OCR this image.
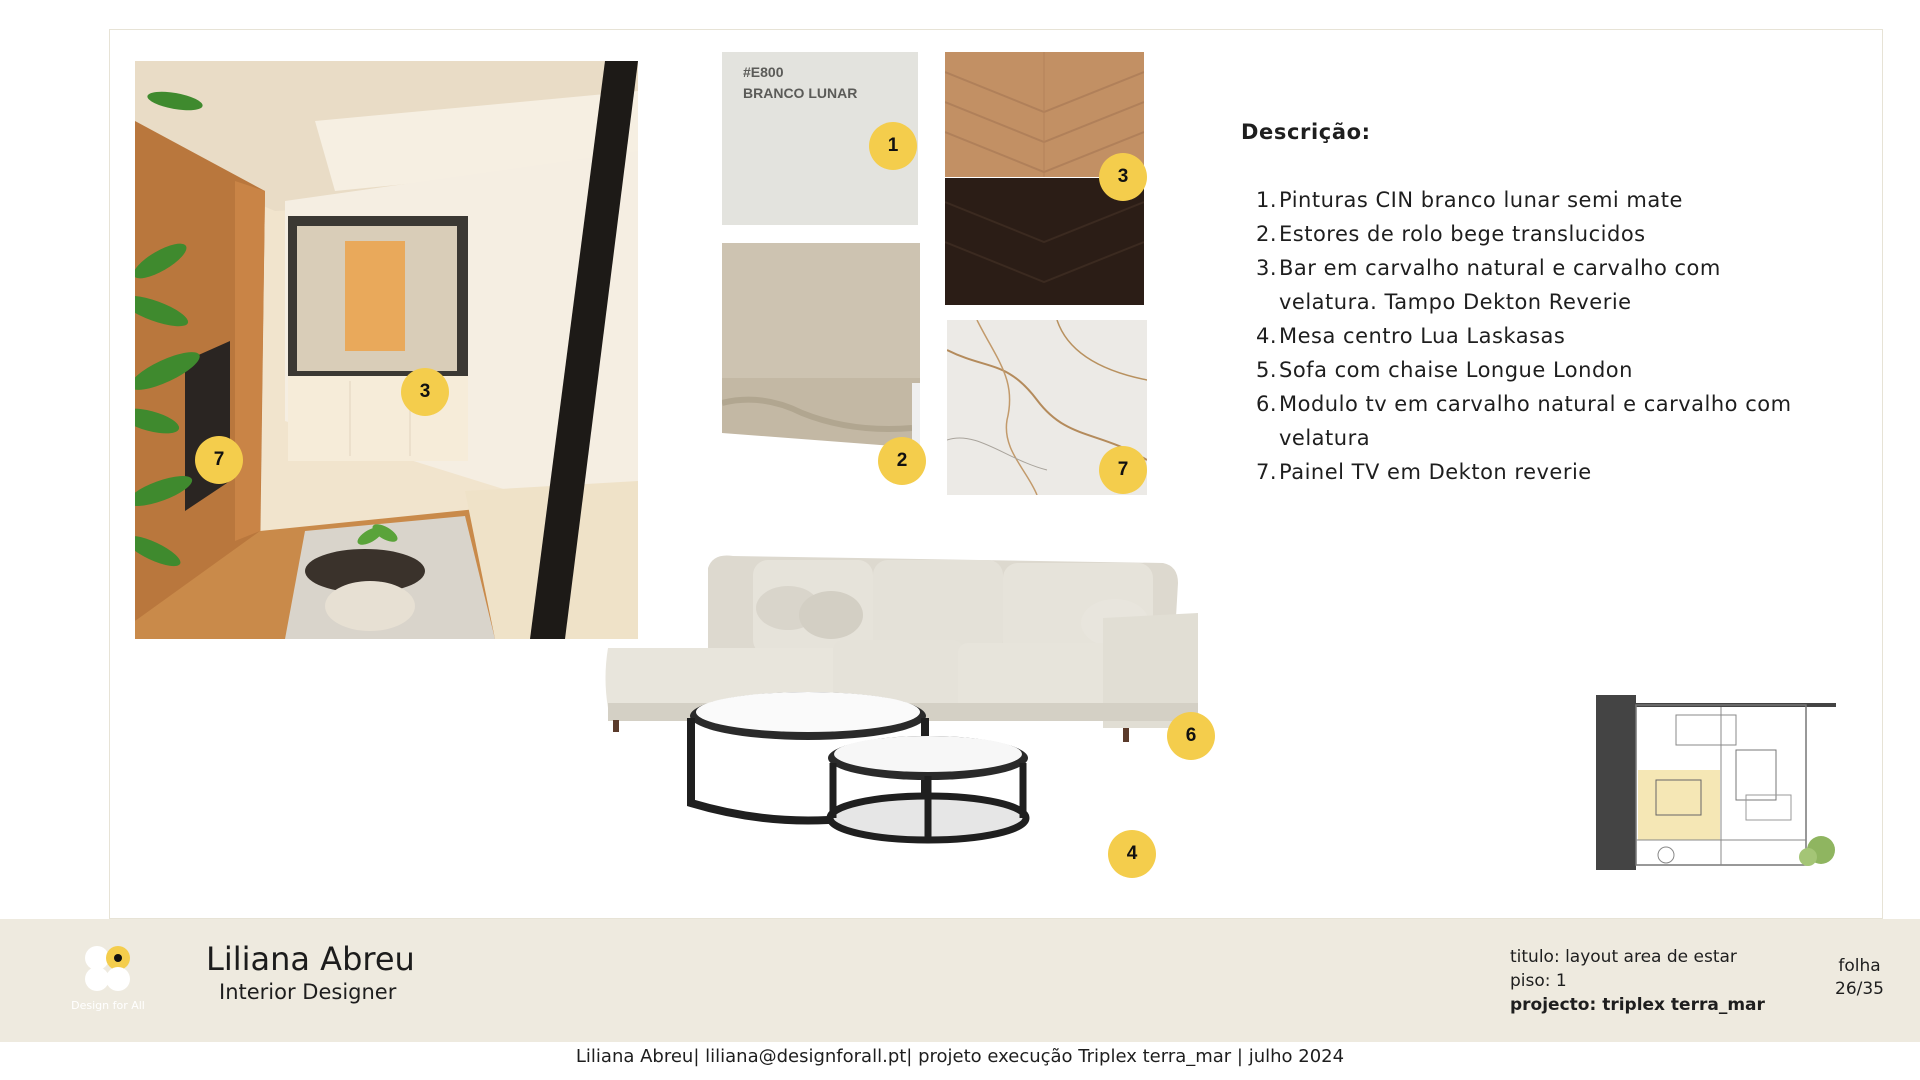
3
7
#E800
BRANCO LUNAR
1
2
3
7
6
4
Descrição:
1. Pinturas CIN branco lunar semi mate
2. Estores de rolo bege translucidos
3. Bar em carvalho natural e carvalho com velatura. Tampo Dekton Reverie
4. Mesa centro Lua Laskasas
5. Sofa com chaise Longue London
6. Modulo tv em carvalho natural e carvalho com velatura
7. Painel TV em Dekton reverie
Design for All
Liliana Abreu
Interior Designer
titulo: layout area de estar
piso: 1
projecto: triplex terra_mar
folha
26/35
Liliana Abreu| liliana@designforall.pt| projeto execução Triplex terra_mar | julho 2024
